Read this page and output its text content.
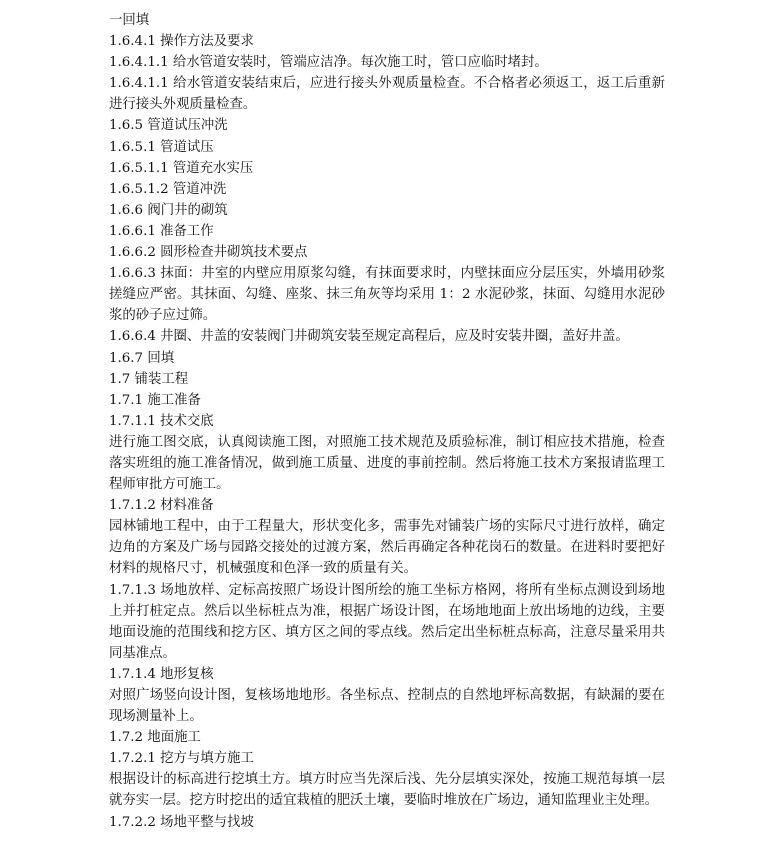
一回填

1.6.4.1 操作方法及要求

1.6.4.1.1 给水管道安装时，管端应洁净。每次施工时，管口应临时堵封。

1.6.4.1.1 给水管道安装结束后，应进行接头外观质量检查。不合格者必须返工，返工后重新进行接头外观质量检查。

1.6.5 管道试压冲洗

1.6.5.1 管道试压

1.6.5.1.1 管道充水实压

1.6.5.1.2 管道冲洗

1.6.6 阀门井的砌筑

1.6.6.1 准备工作

1.6.6.2 圆形检查井砌筑技术要点

1.6.6.3 抹面：井室的内壁应用原浆勾缝，有抹面要求时，内壁抹面应分层压实，外墙用砂浆搓缝应严密。其抹面、勾缝、座浆、抹三角灰等均采用 1：2 水泥砂浆，抹面、勾缝用水泥砂浆的砂子应过筛。

1.6.6.4 井圈、井盖的安装阀门井砌筑安装至规定高程后，应及时安装井圈，盖好井盖。

1.6.7 回填

1.7 铺装工程

1.7.1 施工准备

1.7.1.1 技术交底

进行施工图交底，认真阅读施工图，对照施工技术规范及质验标准，制订相应技术措施，检查落实班组的施工准备情况，做到施工质量、进度的事前控制。然后将施工技术方案报请监理工程师审批方可施工。

1.7.1.2 材料准备

园林铺地工程中，由于工程量大，形状变化多，需事先对铺装广场的实际尺寸进行放样，确定边角的方案及广场与园路交接处的过渡方案，然后再确定各种花岗石的数量。在进料时要把好材料的规格尺寸，机械强度和色泽一致的质量有关。

1.7.1.3 场地放样、定标高按照广场设计图所绘的施工坐标方格网，将所有坐标点测设到场地上并打桩定点。然后以坐标桩点为准，根据广场设计图，在场地地面上放出场地的边线，主要地面设施的范围线和挖方区、填方区之间的零点线。然后定出坐标桩点标高，注意尽量采用共同基准点。

1.7.1.4 地形复核

对照广场竖向设计图，复核场地地形。各坐标点、控制点的自然地坪标高数据，有缺漏的要在现场测量补上。

1.7.2 地面施工

1.7.2.1 挖方与填方施工

根据设计的标高进行挖填土方。填方时应当先深后浅、先分层填实深处，按施工规范每填一层就夯实一层。挖方时挖出的适宜栽植的肥沃土壤，要临时堆放在广场边，通知监理业主处理。

1.7.2.2 场地平整与找坡
